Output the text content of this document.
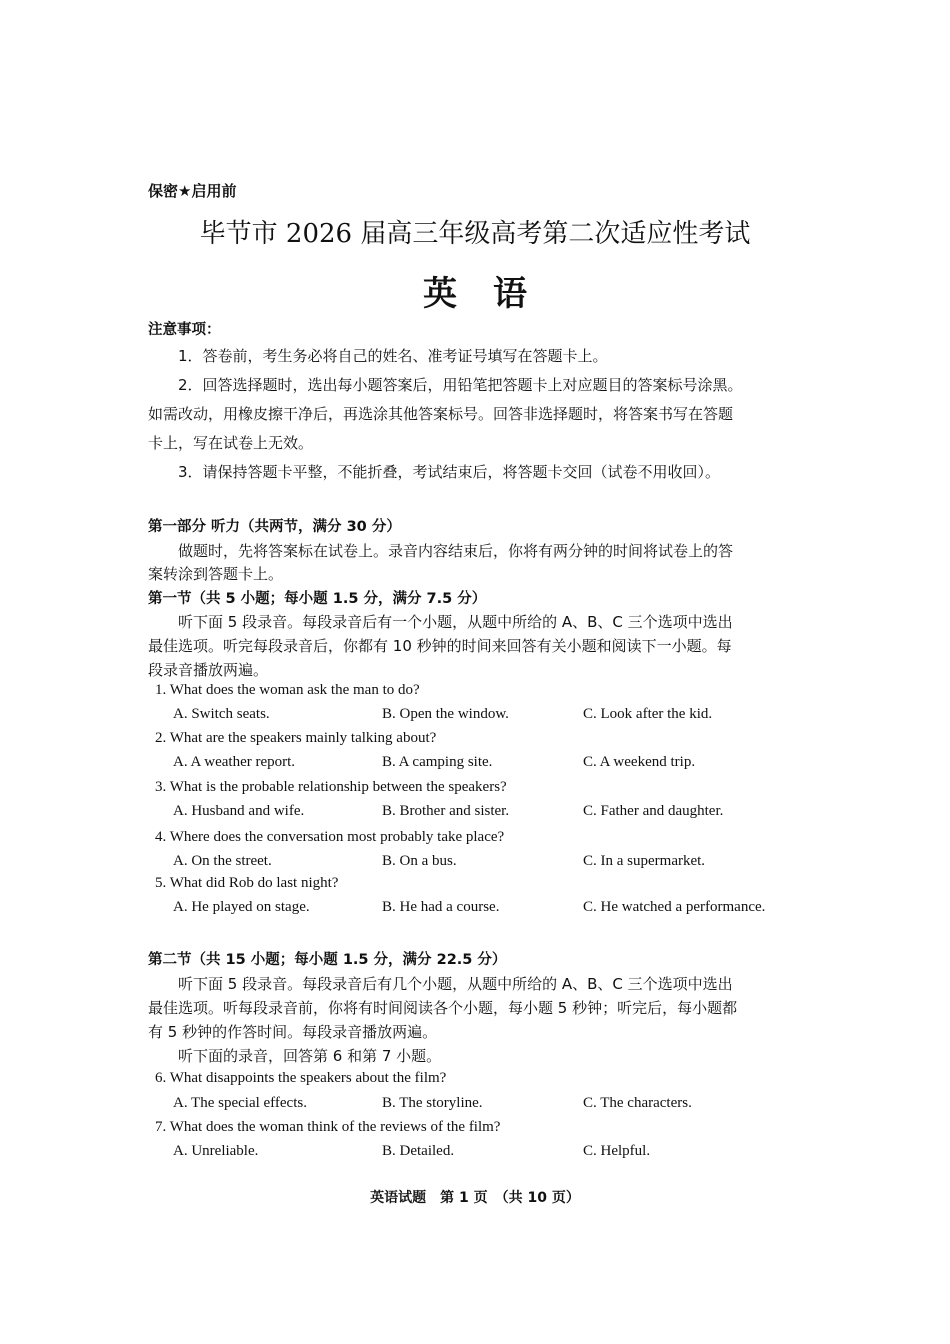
保密★启用前
毕节市 2026 届高三年级高考第二次适应性考试
英语
注意事项：
1．答卷前，考生务必将自己的姓名、准考证号填写在答题卡上。
2．回答选择题时，选出每小题答案后，用铅笔把答题卡上对应题目的答案标号涂黑。
如需改动，用橡皮擦干净后，再选涂其他答案标号。回答非选择题时，将答案书写在答题
卡上，写在试卷上无效。
3．请保持答题卡平整，不能折叠，考试结束后，将答题卡交回（试卷不用收回）。
第一部分 听力（共两节，满分 30 分）
做题时，先将答案标在试卷上。录音内容结束后，你将有两分钟的时间将试卷上的答
案转涂到答题卡上。
第一节（共 5 小题；每小题 1.5 分，满分 7.5 分）
听下面 5 段录音。每段录音后有一个小题，从题中所给的 A、B、C 三个选项中选出
最佳选项。听完每段录音后，你都有 10 秒钟的时间来回答有关小题和阅读下一小题。每
段录音播放两遍。
1. What does the woman ask the man to do?
A. Switch seats.	B. Open the window.	C. Look after the kid.
2. What are the speakers mainly talking about?
A. A weather report.	B. A camping site.	C. A weekend trip.
3. What is the probable relationship between the speakers?
A. Husband and wife.	B. Brother and sister.	C. Father and daughter.
4. Where does the conversation most probably take place?
A. On the street.	B. On a bus.	C. In a supermarket.
5. What did Rob do last night?
A. He played on stage.	B. He had a course.	C. He watched a performance.
第二节（共 15 小题；每小题 1.5 分，满分 22.5 分）
听下面 5 段录音。每段录音后有几个小题，从题中所给的 A、B、C 三个选项中选出
最佳选项。听每段录音前，你将有时间阅读各个小题，每小题 5 秒钟；听完后，每小题都
有 5 秒钟的作答时间。每段录音播放两遍。
听下面的录音，回答第 6 和第 7 小题。
6. What disappoints the speakers about the film?
A. The special effects.	B. The storyline.	C. The characters.
7. What does the woman think of the reviews of the film?
A. Unreliable.	B. Detailed.	C. Helpful.
英语试题　第 1 页　（共 10 页）
